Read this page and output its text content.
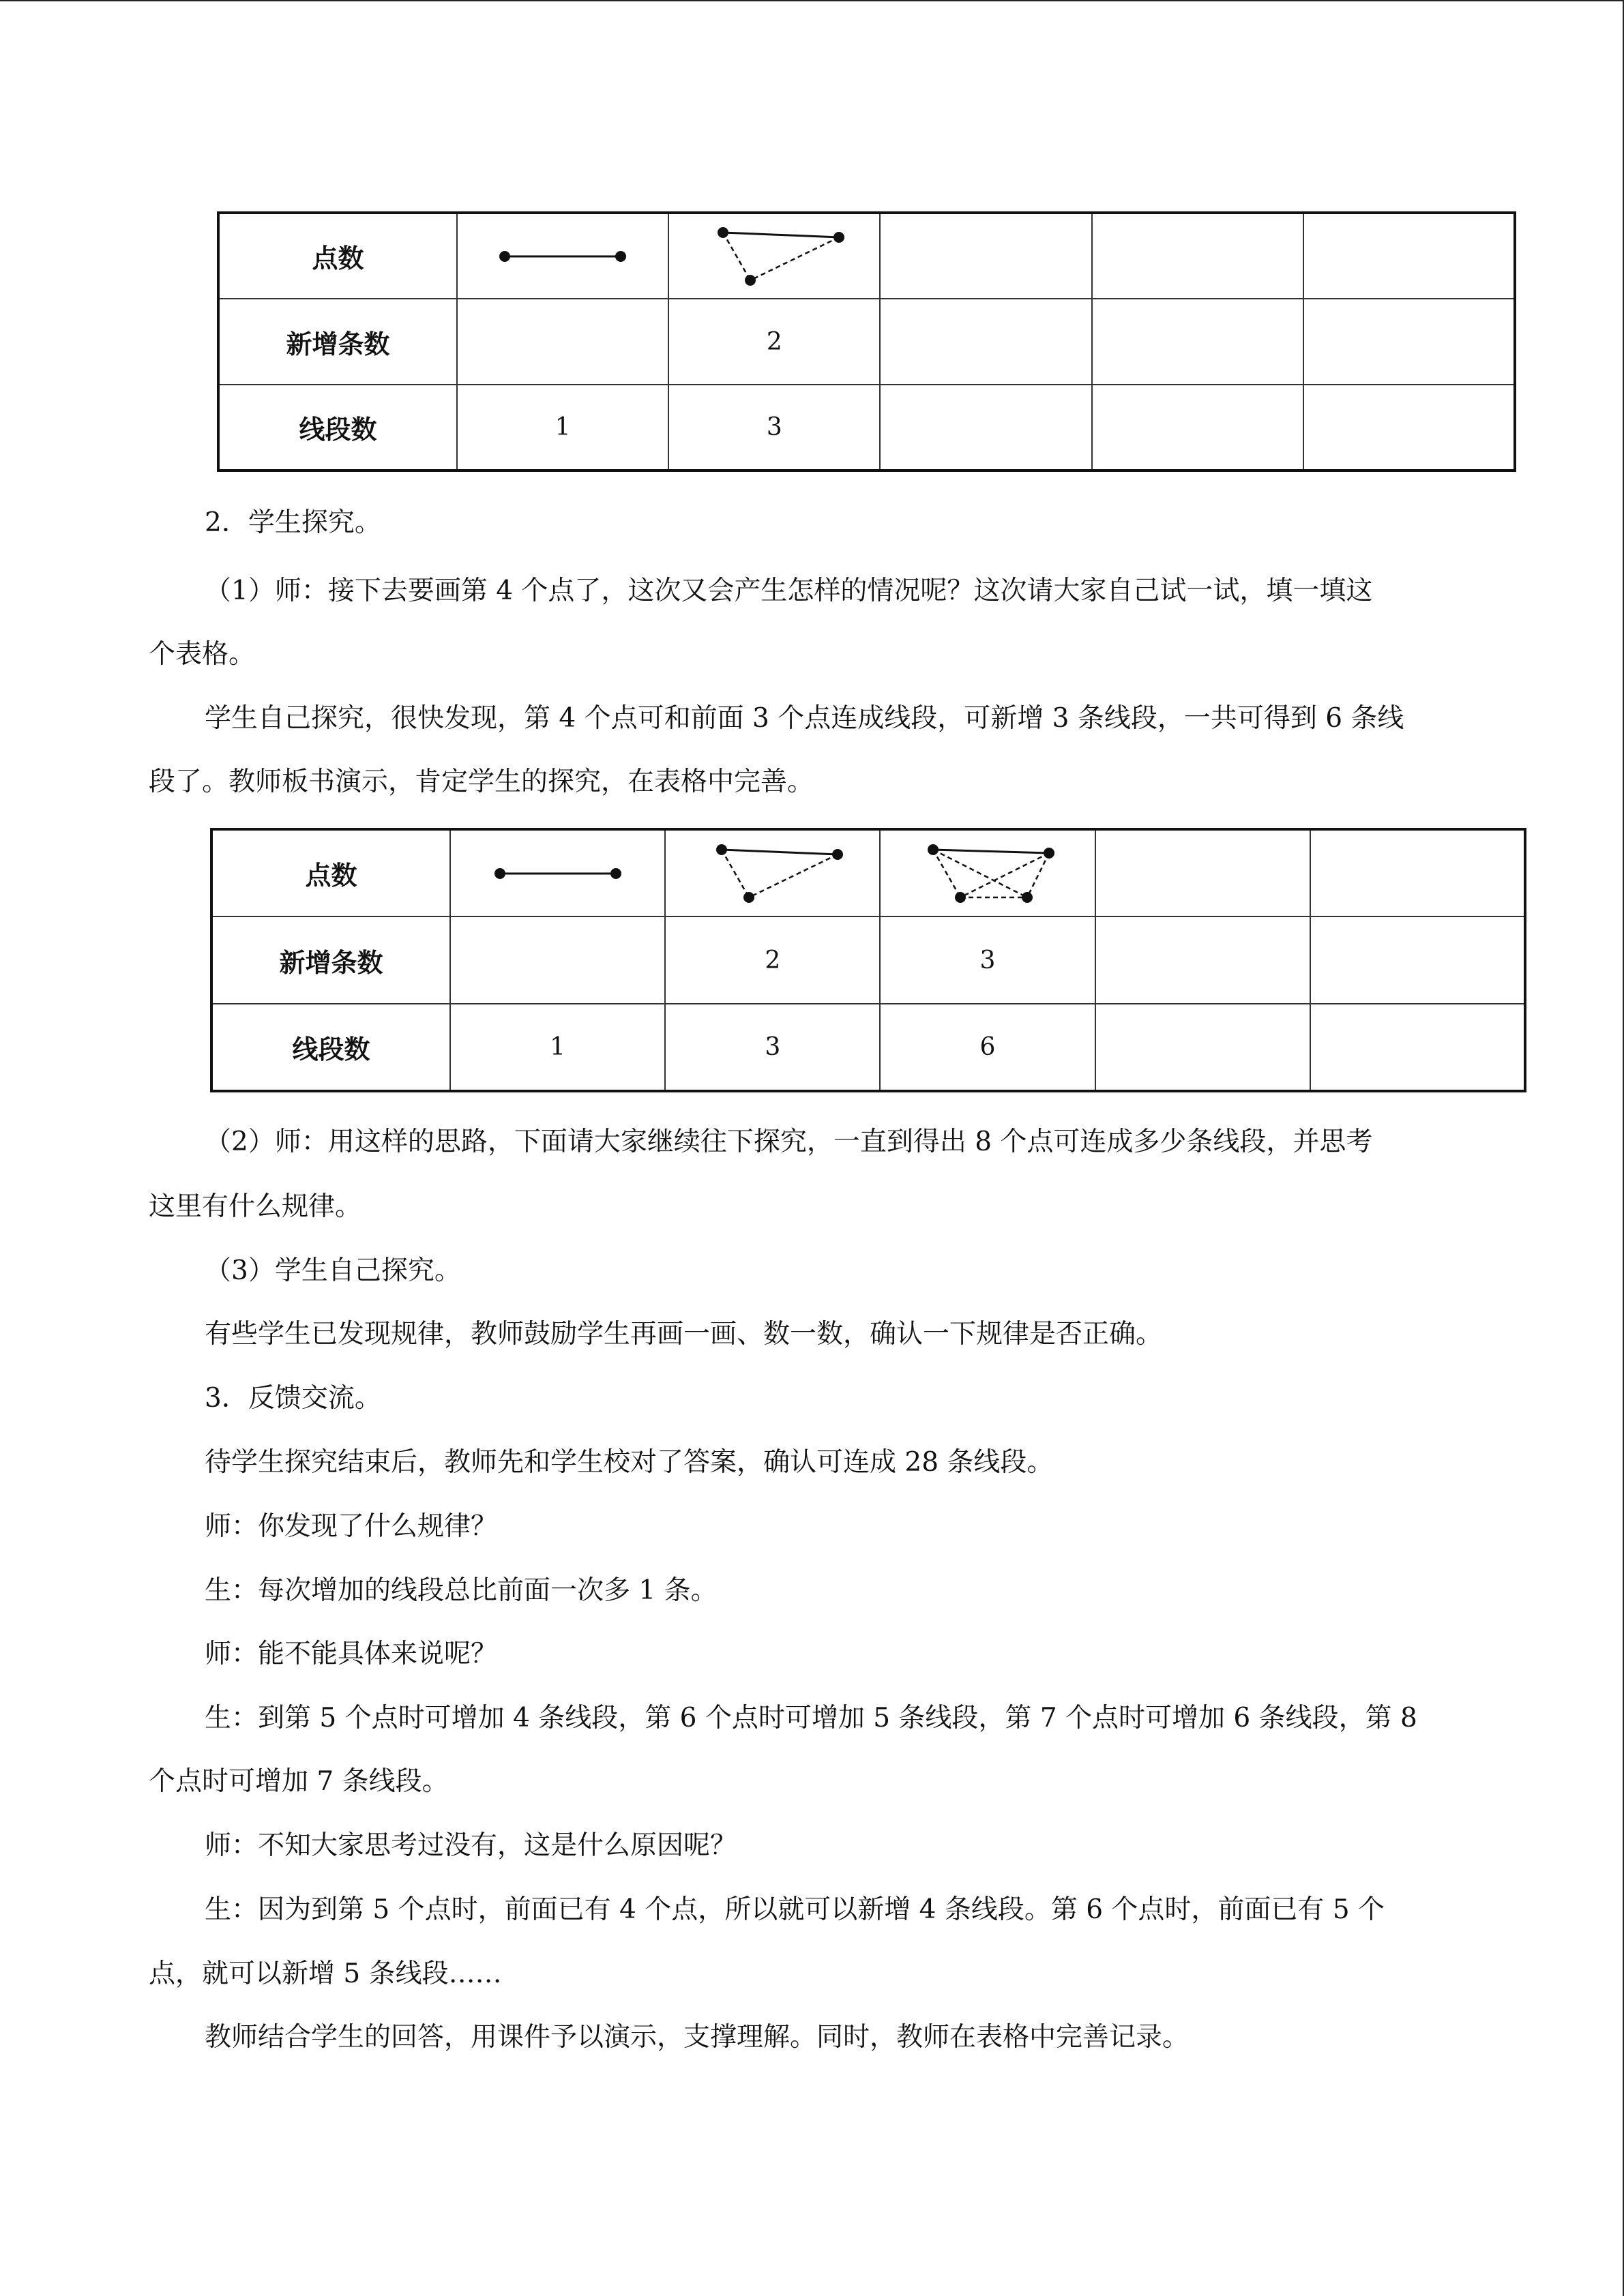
点数	

新增条数		2			
线段数	1	3			

2．学生探究。

（1）师：接下去要画第 4 个点了，这次又会产生怎样的情况呢？这次请大家自己试一试，填一填这

个表格。

学生自己探究，很快发现，第 4 个点可和前面 3 个点连成线段，可新增 3 条线段，一共可得到 6 条线

段了。教师板书演示，肯定学生的探究，在表格中完善。

点数	

新增条数		2	3		
线段数	1	3	6		

（2）师：用这样的思路，下面请大家继续往下探究，一直到得出 8 个点可连成多少条线段，并思考

这里有什么规律。

（3）学生自己探究。

有些学生已发现规律，教师鼓励学生再画一画、数一数，确认一下规律是否正确。

3．反馈交流。

待学生探究结束后，教师先和学生校对了答案，确认可连成 28 条线段。

师：你发现了什么规律？

生：每次增加的线段总比前面一次多 1 条。

师：能不能具体来说呢？

生：到第 5 个点时可增加 4 条线段，第 6 个点时可增加 5 条线段，第 7 个点时可增加 6 条线段，第 8

个点时可增加 7 条线段。

师：不知大家思考过没有，这是什么原因呢？

生：因为到第 5 个点时，前面已有 4 个点，所以就可以新增 4 条线段。第 6 个点时，前面已有 5 个

点，就可以新增 5 条线段……

教师结合学生的回答，用课件予以演示，支撑理解。同时，教师在表格中完善记录。
